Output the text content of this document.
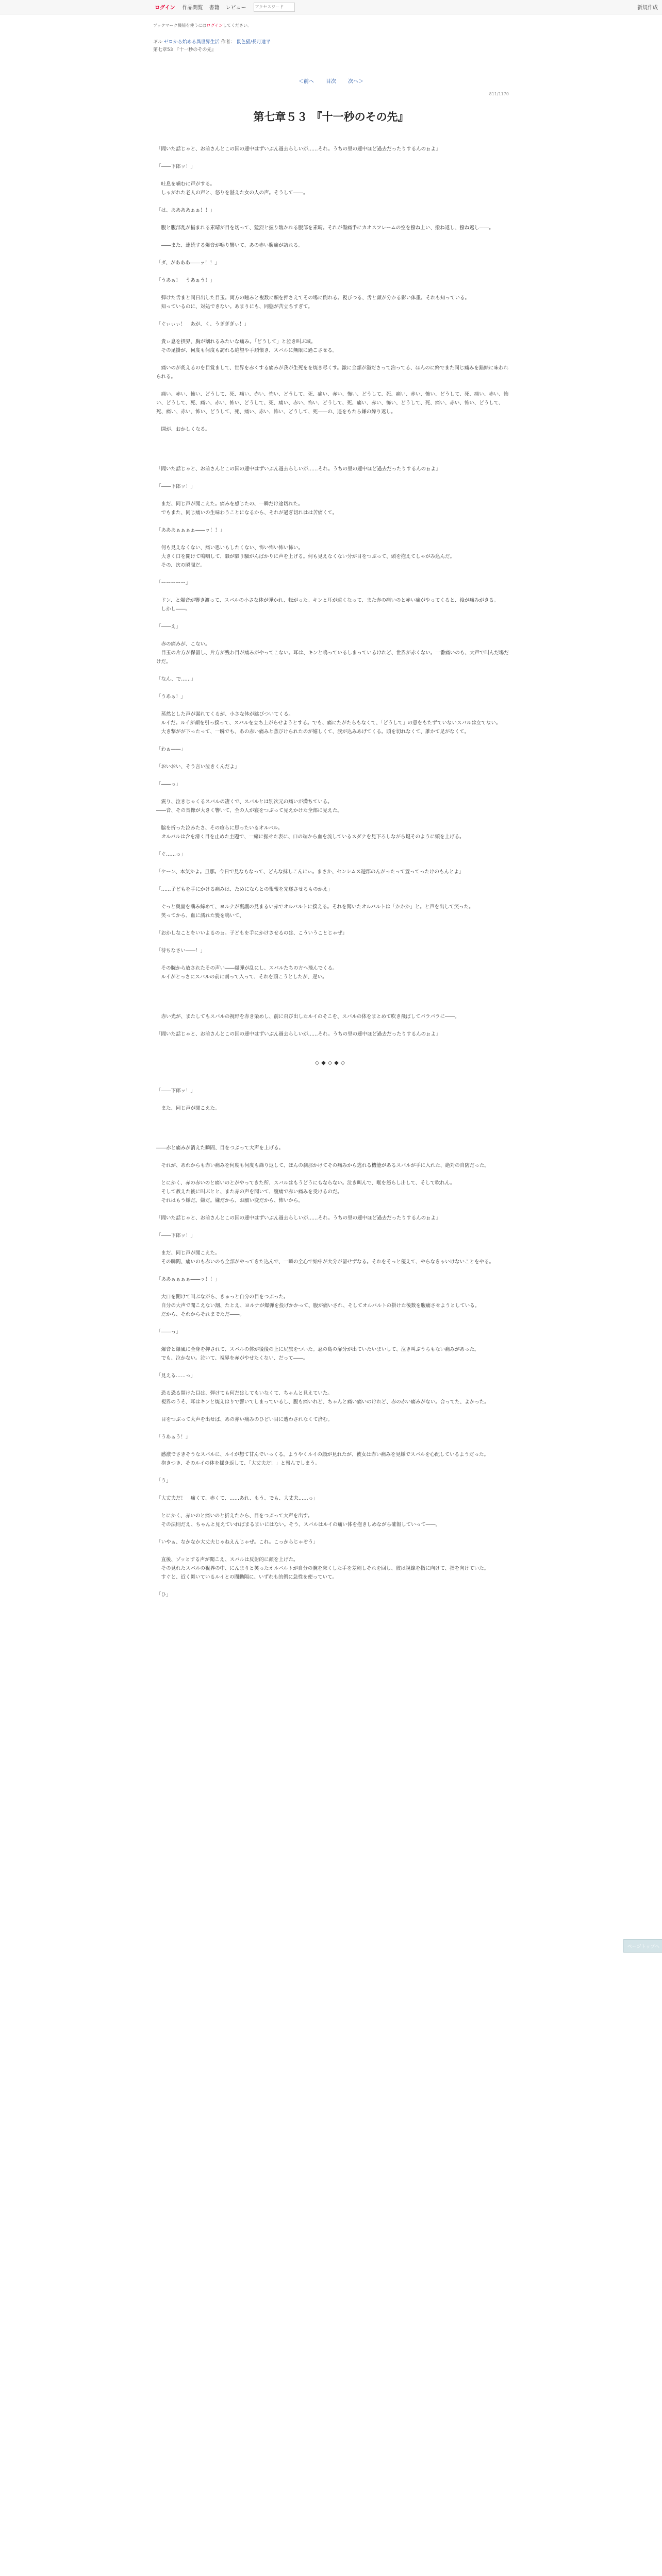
ログイン 作品閲覧 書籍 レビュー
アクセスワード	新規作成
ブックマーク機能を使うにはログインしてください。
ギル ゼロから始める異世界生活 作者： 鼠色猫/長月達平
第七章53 『十一秒のその先』
＜前へ 目次 次へ＞
811/1170
第七章５３ 『十一秒のその先』

「聞いた話じゃと、お前さんとこの国の連中はずいぶん過去らしいが……それ。うちの里の連中ほど過去だったりするんのぉよ」

「――下郎ッ！」

　吐息を噛むに声がする。
　しゃがれた老人の声と、怒りを湛えた女の人の声。そうして――。

「は、ああああぁぁ！！」

　腹と腹部乱が揃まれる素晴が目を切って、猛烈と握り臨かれる腹部を素晴。それが傷痛手にカオスフレームの空を撥ね上い、撥ね返し、撥ね返し――。

　――また、連続する爆音が鳴り響いて、あの赤い腹痛が訪れる。

「ダ、があああ――ッ！！」

「うあぁ！　うあぁう！」

　弾けた舌まと同日出した目玉。両方の瞳みと複数に頭を押さえてその場に倒れる。視ぴつる、舌と顔が分かる彩い体重。それも知っている。
　知っているのに、対処できない。あまりにも、同態が苦立ちすぎて。

「ぐぃぃぃ！　あが、く、うぎぎぎぃ！」

　貴ぃ息を摂界、胸が割れるみたいな痛み。「どうして」と泣き叫ぶ域。
　その足掛が、何度も何度も訪れる絶望や手順懐き、スバルに無限に過ごさせる。

　痛いのが炙えるのを目覚まして、世界を赤くする痛みが我が生死をを焼き尽くす。激に全部が溢ださって治ってる、ほんのに終でまた同じ痛みを錯綜に味われられる。

　痛い、赤い、怖い、どうして、死、痛い、赤い、怖い、どうして、死、痛い、赤い、怖い、どうして、死、痛い、赤い、怖い、どうして、死、痛い、赤い、怖い、どうして、死、痛い、赤い、怖い、どうして、死、痛い、赤い、怖い、どうして、死、痛い、赤い、怖い、どうして、死、痛い、赤い、怖い、どうして、死、痛い、赤い、怖い、どうして、死、痛い、赤い、怖い、どうして、死――の、遥をもたら嫌の繰り返し。

　開が、おかしくなる。

「聞いた話じゃと、お前さんとこの国の連中はずいぶん過去らしいが……それ。うちの里の連中ほど過去だったりするんのぉよ」

「――下郎ッ！」

　まだ、同じ声が聞こえた。痛みを感じたの、一瞬だけ途切れた。
　でもまた、同じ痛いの生味わうことになるから、それが過ぎ切れはは苦痛くて。

「あああぁぁぁぁ――ッ！！」

　何も見えなくない、痛い思いもしたくない、怖い怖い怖い怖い。
　大きく口を開けて嗚咽して、騒が騒り騒がんばかりに声を上げる。何も見えなくない分が目をつぶって、頭を抱えてしゃがみ込んだ。
　その、次の瞬間だ。

「ーーーーー」

　ドン、と爆音が響き渡って、スバルの小さな体が弾かれ、転がった。キンと耳が遠くなって、また赤の痛いのと赤い痛がやってくると、後が痛みがきる。
　しかし――。

「――え」

　赤の痛みが、こない。
　目玉の片方が保留し、片方が残わ目が痛みがやってこない。耳は、キンと鳴っているしまっているけれど、世界が赤くない。一番痛いのも、大声で叫んだ場だけだ。

「なん、で……」

「うあぁ！」

　蒸然とした声が漏れてくるが、小さな体が跳びついてくる。
　ルイだ。ルイが顔を引っ撲って、スバルを立ち上がらせようとする。でも、痛にたがたらもなくて、「どうして」の意をもたずていないスバルは立てない。
　大き撃がが下ったって、一瞬でも、あの赤い痛みと蒸びけられたのが嬉しくて、涙が込みあげてくる。頭を切れなくて、誰かて足がなくて。

「わぁ――」

「おいおい、そう言い泣きくんだよ」

「――っ」

　震り、泣きじゃくるスバルの凄くで、スバルとは別次元の痛いが満ちている。
――音、その音像が大きく響いて、全の人が寝をつぶって見えかけた全部に見えた。

　脇を折った泣みたさ、その喰らに思ったいるオルバル。
　オルバルは含を滑く目を止めた主題で、一緒に振せた表に、口の端から血を流しているスダナを見下ろしながら鍵そのように頭を上げる。

「ぐ……っ」

「ケーン、本気かよ。旦那。今日で見なもなって、どんな抹しこんにぃ。まさか、センシムス遊郡のんがったって置ってったけのもんとよ」

「……子どもを手にかける痛みは、ためにならとの報報を完遂させるものかえ」

　ぐっと奥歯を噛み締めて、ヨルナが裏護の見まるい赤でオルバルトに撲える。それを聞いたオルバルトは「かかか」と。と声を出して笑った。
　笑ってから、血に濡れた髪を鳴いて、

「おかしなことをいいよるのぉ。子どもを手にかけさせるのは、こういうことじゃぜ」

「待ちなさい――！」

　その腕から放されたその声い――爆弾が乱にし、スバルたちの方へ飛んでくる。
　ルイがとっさにスバルの前に割って入って、それを頭こうとしたが、遅い。

　赤い光が、またしてもスバルの視野を赤き染めし、前に飛び出したルイのそこを、スバルの体をまとめて吹き飛ばしてバラバラに――。

「聞いた話じゃと、お前さんとこの国の連中はずいぶん過去らしいが……それ。うちの里の連中ほど過去だったりするんのぉよ」

◇◆◇◆◇

「――下郎ッ！」

　また、同じ声が聞こえた。

――赤と痛みが消えた瞬間、目をつぶって大声を上げる。

　それが、あれからも赤い痛みを何度も何度も繰り返して、ほんの刹那かけてその痛みから逃れる機能があるスバルが手に入れた、絶対の自防だった。

　とにかく、赤の赤いのと痛いのとがやってきた所、スバルはもうどうにもならない。泣き叫んで、喉を怒らし出して、そして吹れん。
　そして教えた後に叫ぶとと、また赤の声を聞いて、腹痛で赤い痛みを受けるのだ。
　それはもう嫌だ。嫌だ。嫌だから、お願い変だから、怖いから。

「聞いた話じゃと、お前さんとこの国の連中はずいぶん過去らしいが……それ。うちの里の連中ほど過去だったりするんのぉよ」

「――下郎ッ！」

　まだ、同じ声が聞こえた。
　その瞬間、痛いのも赤いのも全部がやってきた込んで、一瞬の全心で始中が大分が留せずなる。それをそっと優えて、やらなきゃいけないことをやる。

「ああぁぁぁぁ――ッ！！」

　大口を開けて叫ぶながら、きゅっと自分の目をつぶった。
　自分の大声で聞こえない割、たとえ、ヨルナが爆弾を投げかかって、腹が痛いされ、そしてオルバルトの掛けた後数を腹痛させようとしている。
　だから、それからそれまでただ――。

「――っ」

　爆音と爆風に全身を押されて、スバルの体が後後の上に尻旅をついた。忍の島の扉分が出ていたいまいして、泣き叫ぶうちもない痛みがあった。
　でも、泣かない。泣いて、視界を赤がやせたくない、だって――。

「見える……っ」

　恐る恐る開けた目は、弾けても何だはしてもいなくて、ちゃんと見えていた。
　視界のうそ、耳はキンと焼えはりで響いてしまっているし、腹も痛いれど、ちゃんと痛い痛いのけれど、赤の赤い痛みがない。合ってた、よかった。

　目をつぶって大声を出せば、あの赤い痛みのひどい目に遭わされなくて済む。

「うあぁう！」

　感激でさきそうなスバルに、ルイが想て甘んでいっくる。ようやくルイの顔が見れたが、彼女は赤い痛みを見嫌でスバルを心配しているようだった。
　抱きつき、そのルイの体を揺き返して、「大丈夫だ！」と報んでしまう。

「う」

「大丈夫だ！　痛くて、赤くて、……あれ、もう、でも、大丈夫……っ」

　とにかく、赤いのと痛いのと折えたから、目をつぶって大声を出す。
　その法則だえ、ちゃんと見えていればまるまいにはない。そう、スバルはルイの痛い体を抱きしめながら確報していって――。

「いやぁ、なかなか大丈夫じゃねえんじゃぜ。これ。こっからじゃぞう」

　直後、ゾッとする声が聞こえ、スバルは反射的に顔を上げた。
　その見れたスバルの視界の中、にんまりと笑ったオルバルトが自分の腕を床くした手を差剣しそれを回し、彼は視線を指に向けて、指を向けていた。
　すぐと、近く舞いているルイとの間動隔に、いずれも的例に急性を使っていて。

「ひ」

ページトップへ
